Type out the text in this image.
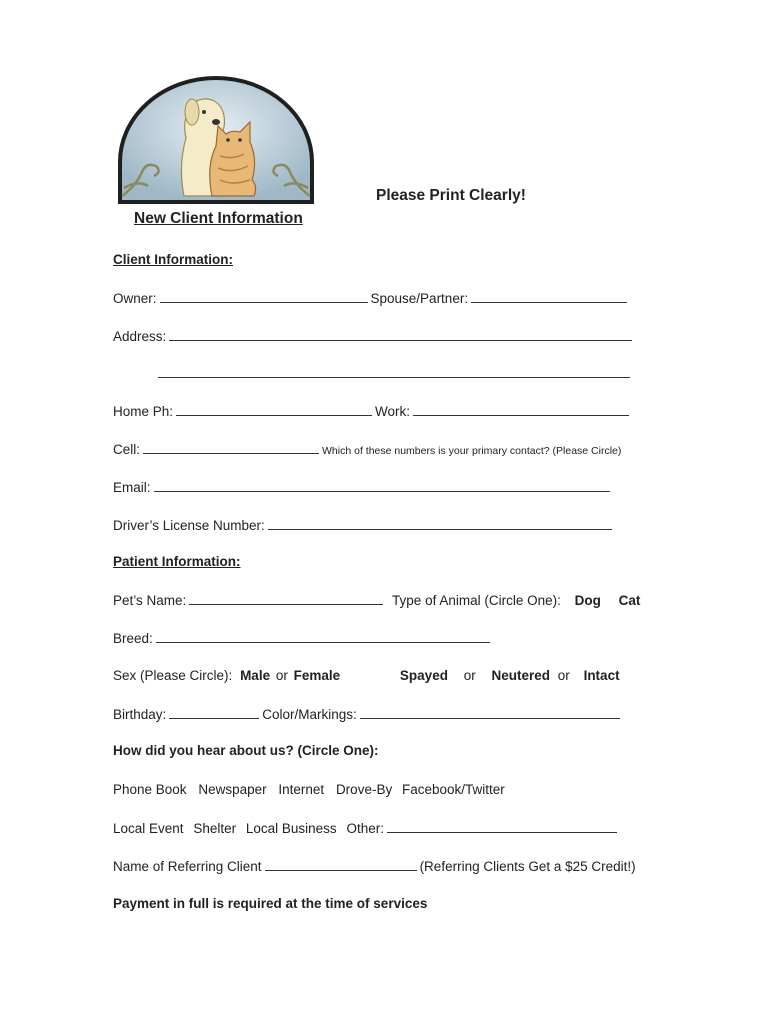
Please Print Clearly!
New Client Information
Client Information:
Owner:	Spouse/Partner:
Address:
Home Ph:	Work:
Cell:	Which of these numbers is your primary contact? (Please Circle)
Email:
Driver’s License Number:
Patient Information:
Pet’s Name:	Type of Animal (Circle One): Dog Cat
Breed:
Sex (Please Circle): Male or Female	Spayed or Neutered or Intact
Birthday:	Color/Markings:
How did you hear about us? (Circle One):
Phone Book Newspaper Internet Drove-By Facebook/Twitter
Local Event Shelter Local Business Other:
Name of Referring Client	(Referring Clients Get a $25 Credit!)
Payment in full is required at the time of services
